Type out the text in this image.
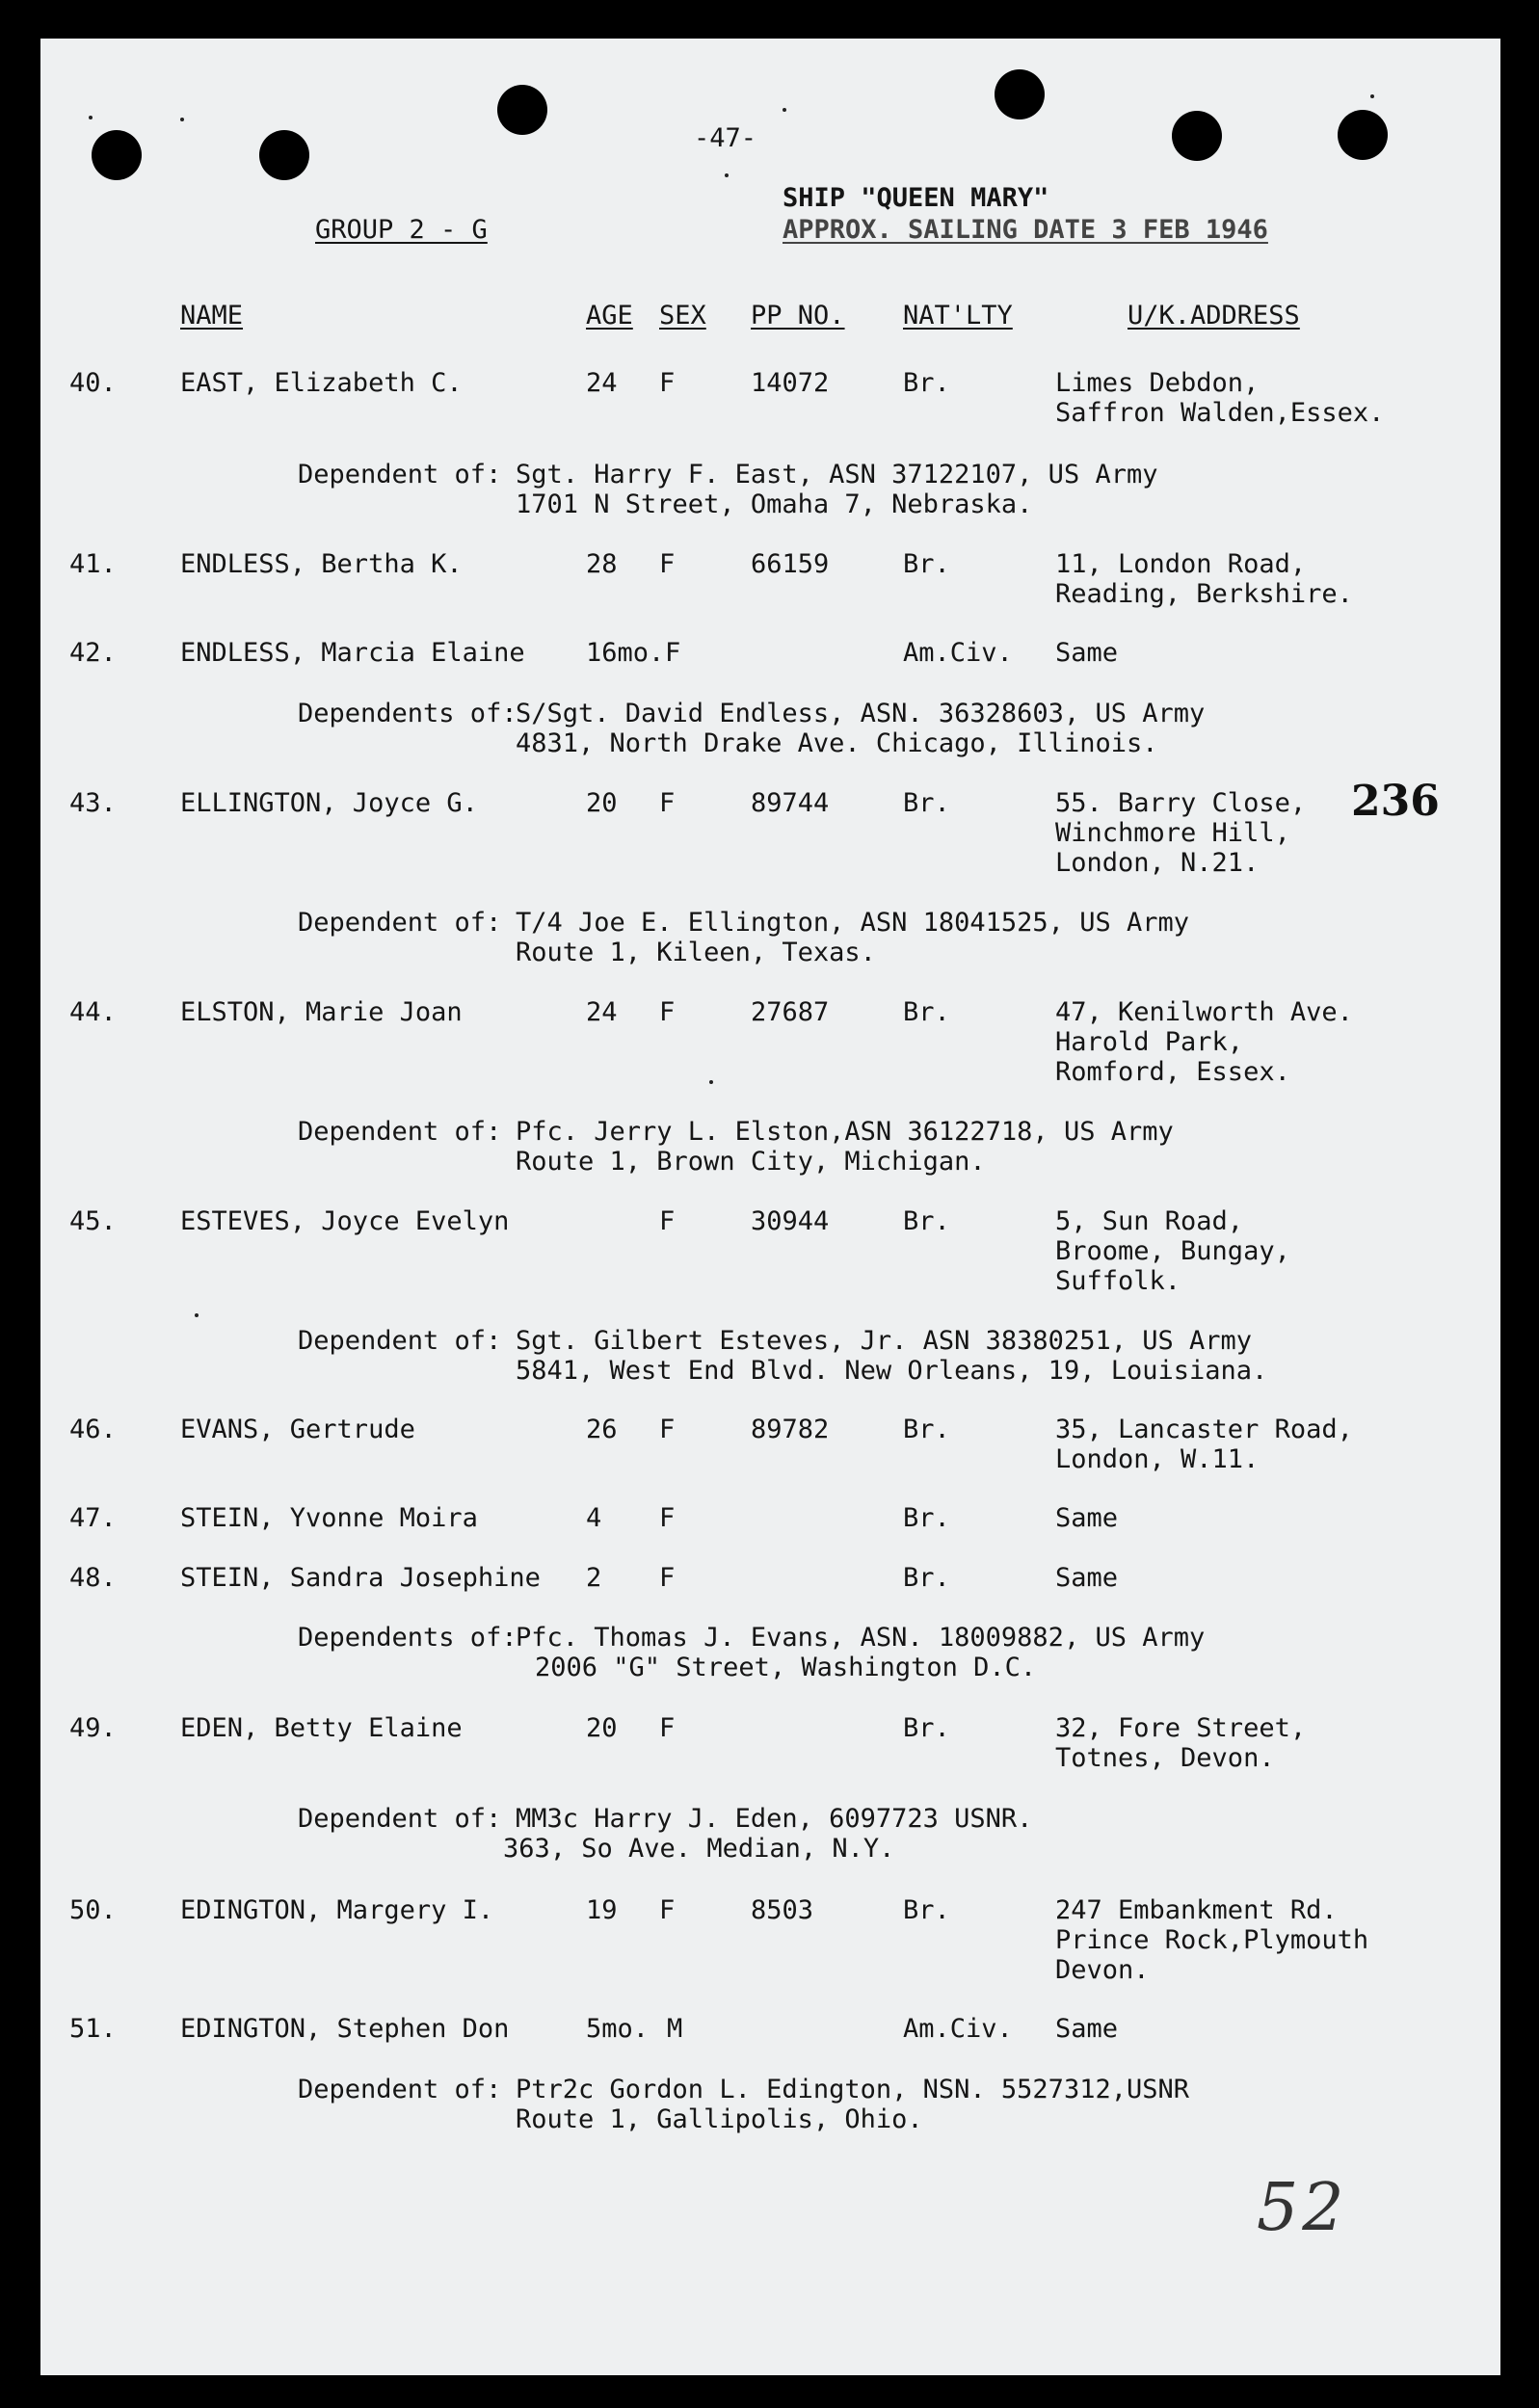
-47-
GROUP 2 - G
SHIP "QUEEN MARY"
APPROX. SAILING DATE 3 FEB 1946
NAME	AGE SEX PP NO. NAT'LTY	U/K.ADDRESS
40. EAST, Elizabeth C.	24 F	14072	Br.	Limes Debdon,
Saffron Walden,Essex.
Dependent of: Sgt. Harry F. East, ASN 37122107, US Army
1701 N Street, Omaha 7, Nebraska.
41. ENDLESS, Bertha K.	28 F	66159	Br.	11, London Road,
Reading, Berkshire.
42. ENDLESS, Marcia Elaine 16mo. F	Am.Civ. Same
Dependents of:
S/Sgt. David Endless, ASN. 36328603, US Army
4831, North Drake Ave. Chicago, Illinois.
43. ELLINGTON, Joyce G.	20 F	89744	Br.	55. Barry Close,
Winchmore Hill,
London, N.21.
236
Dependent of: T/4 Joe E. Ellington, ASN 18041525, US Army
Route 1, Kileen, Texas.
44. ELSTON, Marie Joan	24 F	27687	Br.	47, Kenilworth Ave.
Harold Park,
Romford, Essex.
Dependent of: Pfc. Jerry L. Elston,ASN 36122718, US Army
Route 1, Brown City, Michigan.
45. ESTEVES, Joyce Evelyn	F	30944	Br.	5, Sun Road,
Broome, Bungay,
Suffolk.
Dependent of: Sgt. Gilbert Esteves, Jr. ASN 38380251, US Army
5841, West End Blvd. New Orleans, 19, Louisiana.
46. EVANS, Gertrude	26 F	89782	Br.	35, Lancaster Road,
London, W.11.
47. STEIN, Yvonne Moira	4 F	Br.	Same
48. STEIN, Sandra Josephine 2 F	Br.	Same
Dependents of:
Pfc. Thomas J. Evans, ASN. 18009882, US Army
2006 "G" Street, Washington D.C.
49. EDEN, Betty Elaine	20 F	Br.	32, Fore Street,
Totnes, Devon.
Dependent of: MM3c Harry J. Eden, 6097723 USNR.
363, So Ave. Median, N.Y.
50. EDINGTON, Margery I.	19 F	8503	Br.	247 Embankment Rd.
Prince Rock,Plymouth
Devon.
51. EDINGTON, Stephen Don	5mo. M	Am.Civ. Same
Dependent of: Ptr2c Gordon L. Edington, NSN. 5527312,USNR
Route 1, Gallipolis, Ohio.
52
